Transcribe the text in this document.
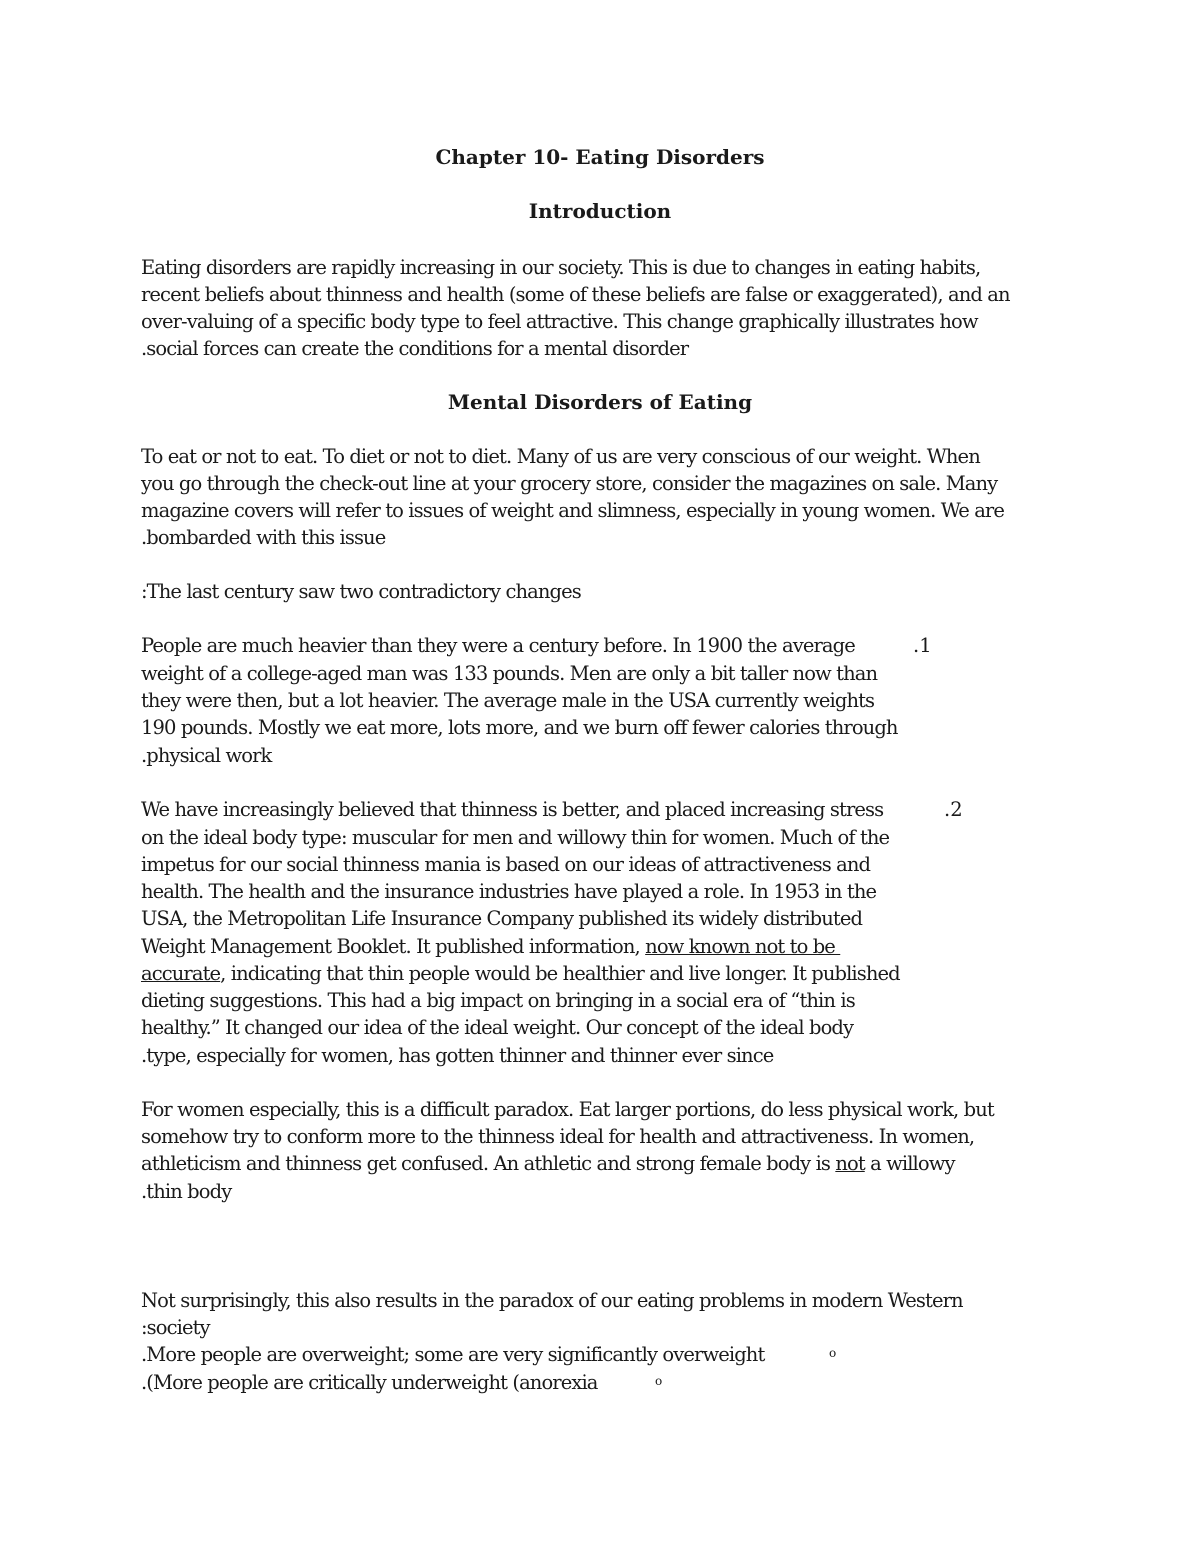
Chapter 10- Eating Disorders
Introduction

Eating disorders are rapidly increasing in our society. This is due to changes in eating habits,

recent beliefs about thinness and health (some of these beliefs are false or exaggerated), and an

over-valuing of a specific body type to feel attractive. This change graphically illustrates how

.social forces can create the conditions for a mental disorder

Mental Disorders of Eating

To eat or not to eat. To diet or not to diet. Many of us are very conscious of our weight. When

you go through the check-out line at your grocery store, consider the magazines on sale. Many

magazine covers will refer to issues of weight and slimness, especially in young women. We are

.bombarded with this issue

:The last century saw two contradictory changes

.1

People are much heavier than they were a century before. In 1900 the average

weight of a college-aged man was 133 pounds. Men are only a bit taller now than

they were then, but a lot heavier. The average male in the USA currently weights

190 pounds. Mostly we eat more, lots more, and we burn off fewer calories through

.physical work

.2

We have increasingly believed that thinness is better, and placed increasing stress

on the ideal body type: muscular for men and willowy thin for women. Much of the

impetus for our social thinness mania is based on our ideas of attractiveness and

health. The health and the insurance industries have played a role. In 1953 in the

USA, the Metropolitan Life Insurance Company published its widely distributed

Weight Management Booklet. It published information, now known not to be

accurate, indicating that thin people would be healthier and live longer. It published

dieting suggestions. This had a big impact on bringing in a social era of “thin is

healthy.” It changed our idea of the ideal weight. Our concept of the ideal body

.type, especially for women, has gotten thinner and thinner ever since

For women especially, this is a difficult paradox. Eat larger portions, do less physical work, but

somehow try to conform more to the thinness ideal for health and attractiveness. In women,

athleticism and thinness get confused. An athletic and strong female body is not a willowy

.thin body

Not surprisingly, this also results in the paradox of our eating problems in modern Western

:society

.More people are overweight; some are very significantly overweight	o

.(More people are critically underweight (anorexia	o
